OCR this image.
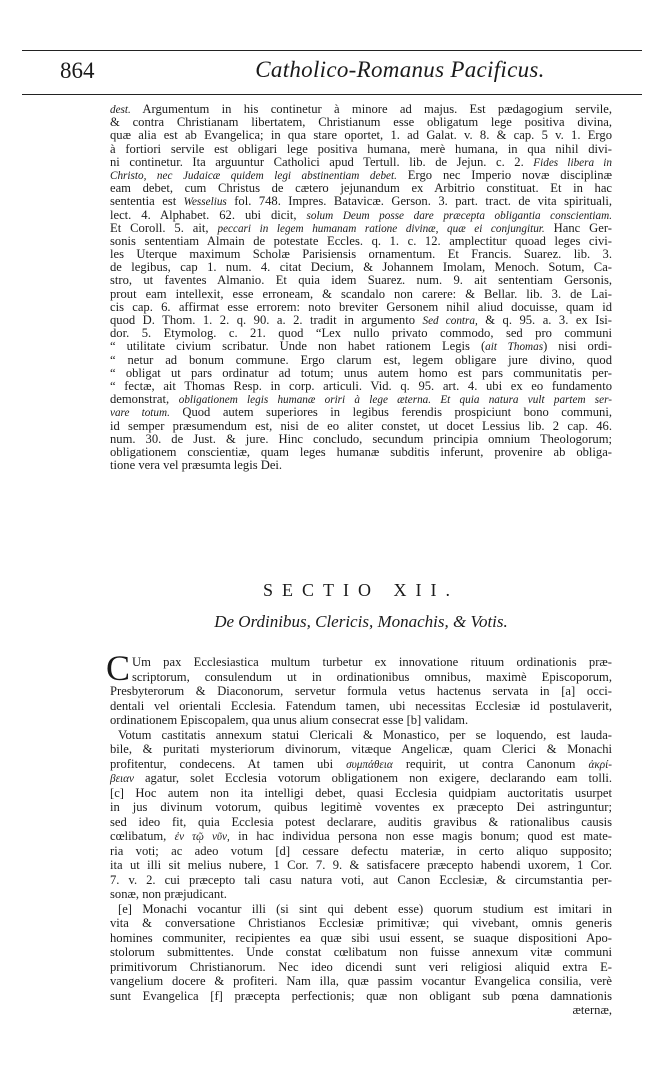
864	Catholico-Romanus Pacificus.
dest. Argumentum in his continetur à minore ad majus. Est pædagogium servile,
& contra Christianam libertatem, Christianum esse obligatum lege positiva divina,
quæ alia est ab Evangelica; in qua stare oportet, 1. ad Galat. v. 8. & cap. 5 v. 1. Ergo
à fortiori servile est obligari lege positiva humana, merè humana, in qua nihil divi-
ni continetur. Ita arguuntur Catholici apud Tertull. lib. de Jejun. c. 2. Fides libera in
Christo, nec Judaicæ quidem legi abstinentiam debet. Ergo nec Imperio novæ disciplinæ
eam debet, cum Christus de cætero jejunandum ex Arbitrio constituat. Et in hac
sententia est Wesselius fol. 748. Impres. Batavicæ. Gerson. 3. part. tract. de vita spirituali,
lect. 4. Alphabet. 62. ubi dicit, solum Deum posse dare præcepta obligantia conscientiam.
Et Coroll. 5. ait, peccari in legem humanam ratione divinæ, quæ ei conjungitur. Hanc Ger-
sonis sententiam Almain de potestate Eccles. q. 1. c. 12. amplectitur quoad leges civi-
les Uterque maximum Scholæ Parisiensis ornamentum. Et Francis. Suarez. lib. 3.
de legibus, cap 1. num. 4. citat Decium, & Johannem Imolam, Menoch. Sotum, Ca-
stro, ut faventes Almanio. Et quia idem Suarez. num. 9. ait sententiam Gersonis,
prout eam intellexit, esse erroneam, & scandalo non carere: & Bellar. lib. 3. de Lai-
cis cap. 6. affirmat esse errorem: noto breviter Gersonem nihil aliud docuisse, quam id
quod D. Thom. 1. 2. q. 90. a. 2. tradit in argumento Sed contra, & q. 95. a. 3. ex Isi-
dor. 5. Etymolog. c. 21. quod “Lex nullo privato commodo, sed pro communi
“ utilitate civium scribatur. Unde non habet rationem Legis (ait Thomas) nisi ordi-
“ netur ad bonum commune. Ergo clarum est, legem obligare jure divino, quod
“ obligat ut pars ordinatur ad totum; unus autem homo est pars communitatis per-
“ fectæ, ait Thomas Resp. in corp. articuli. Vid. q. 95. art. 4. ubi ex eo fundamento
demonstrat, obligationem legis humanæ oriri à lege æterna. Et quia natura vult partem ser-
vare totum. Quod autem superiores in legibus ferendis prospiciunt bono communi,
id semper præsumendum est, nisi de eo aliter constet, ut docet Lessius lib. 2 cap. 46.
num. 30. de Just. & jure. Hinc concludo, secundum principia omnium Theologorum;
obligationem conscientiæ, quam leges humanæ subditis inferunt, provenire ab obliga-
tione vera vel præsumta legis Dei.
SECTIO XII.
De Ordinibus, Clericis, Monachis, & Votis.
C Um pax Ecclesiastica multum turbetur ex innovatione rituum ordinationis præ-
scriptorum, consulendum ut in ordinationibus omnibus, maximè Episcoporum,
Presbyterorum & Diaconorum, servetur formula vetus hactenus servata in [a] occi-
dentali vel orientali Ecclesia. Fatendum tamen, ubi necessitas Ecclesiæ id postulaverit,
ordinationem Episcopalem, qua unus alium consecrat esse [b] validam.
Votum castitatis annexum statui Clericali & Monastico, per se loquendo, est lauda-
bile, & puritati mysteriorum divinorum, vitæque Angelicæ, quam Clerici & Monachi
profitentur, condecens. At tamen ubi συμπάθεια requirit, ut contra Canonum ἀκρί-
βειαν agatur, solet Ecclesia votorum obligationem non exigere, declarando eam tolli.
[c] Hoc autem non ita intelligi debet, quasi Ecclesia quidpiam auctoritatis usurpet
in jus divinum votorum, quibus legitimè voventes ex præcepto Dei astringuntur;
sed ideo fit, quia Ecclesia potest declarare, auditis gravibus & rationalibus causis
cœlibatum, ἐν τῷ νῦν, in hac individua persona non esse magis bonum; quod est mate-
ria voti; ac adeo votum [d] cessare defectu materiæ, in certo aliquo supposito;
ita ut illi sit melius nubere, 1 Cor. 7. 9. & satisfacere præcepto habendi uxorem, 1 Cor.
7. v. 2. cui præcepto tali casu natura voti, aut Canon Ecclesiæ, & circumstantia per-
sonæ, non præjudicant.
[e] Monachi vocantur illi (si sint qui debent esse) quorum studium est imitari in
vita & conversatione Christianos Ecclesiæ primitivæ; qui vivebant, omnis generis
homines communiter, recipientes ea quæ sibi usui essent, se suaque dispositioni Apo-
stolorum submittentes. Unde constat cœlibatum non fuisse annexum vitæ communi
primitivorum Christianorum. Nec ideo dicendi sunt veri religiosi aliquid extra E-
vangelium docere & profiteri. Nam illa, quæ passim vocantur Evangelica consilia, verè
sunt Evangelica [f] præcepta perfectionis; quæ non obligant sub pœna damnationis
æternæ,
